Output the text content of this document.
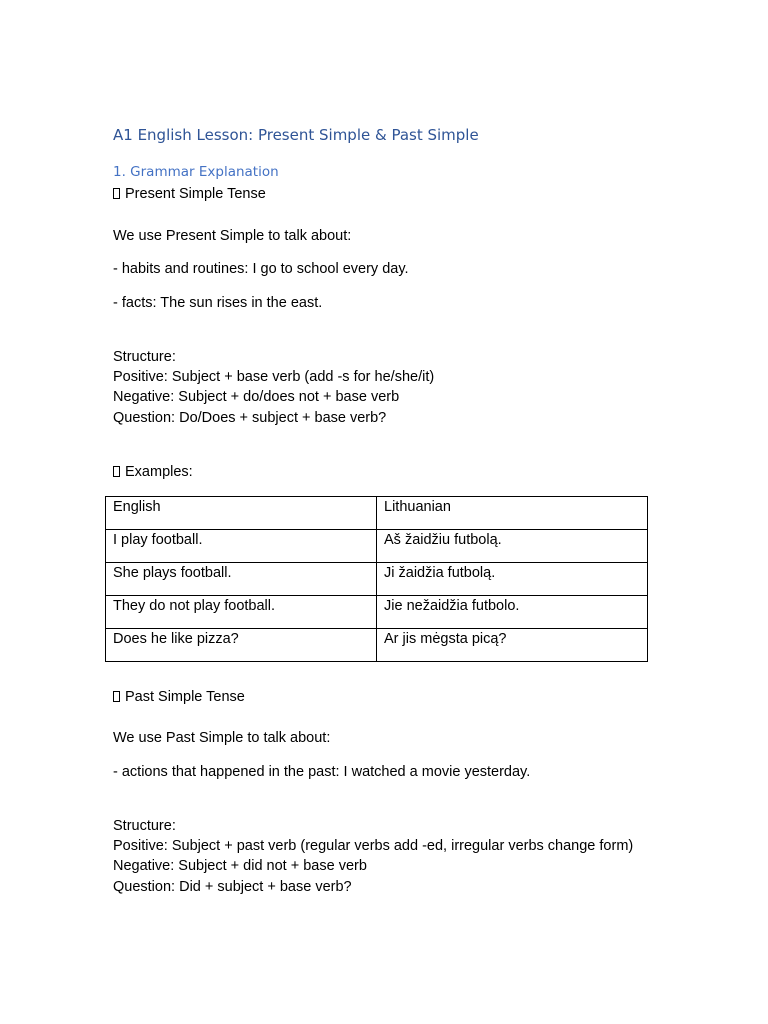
A1 English Lesson: Present Simple & Past Simple
1. Grammar Explanation
Present Simple Tense
We use Present Simple to talk about:
- habits and routines: I go to school every day.
- facts: The sun rises in the east.
Structure:
Positive: Subject + base verb (add -s for he/she/it)
Negative: Subject + do/does not + base verb
Question: Do/Does + subject + base verb?
Examples:
English	Lithuanian
I play football.	Aš žaidžiu futbolą.
She plays football.	Ji žaidžia futbolą.
They do not play football.	Jie nežaidžia futbolo.
Does he like pizza?	Ar jis mėgsta picą?
Past Simple Tense
We use Past Simple to talk about:
- actions that happened in the past: I watched a movie yesterday.
Structure:
Positive: Subject + past verb (regular verbs add -ed, irregular verbs change form)
Negative: Subject + did not + base verb
Question: Did + subject + base verb?
